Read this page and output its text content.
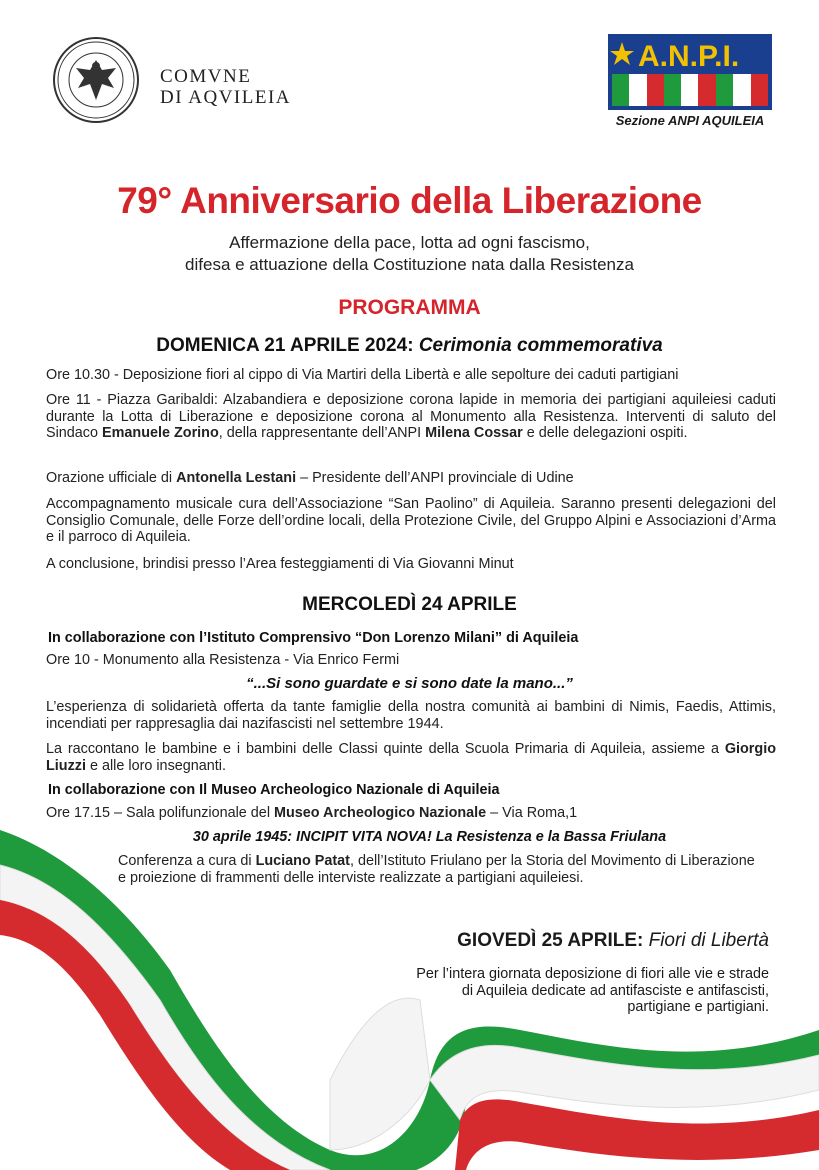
COMVNE
DI AQVILEIA
A.N.P.I.
Sezione ANPI AQUILEIA
79° Anniversario della Liberazione
Affermazione della pace, lotta ad ogni fascismo,
difesa e attuazione della Costituzione nata dalla Resistenza
PROGRAMMA
DOMENICA 21 APRILE 2024: Cerimonia commemorativa
Ore 10.30 - Deposizione fiori al cippo di Via Martiri della Libertà e alle sepolture dei caduti partigiani
Ore 11 - Piazza Garibaldi: Alzabandiera e deposizione corona lapide in memoria dei partigiani aquileiesi caduti durante la Lotta di Liberazione e deposizione corona al Monumento alla Resistenza. Interventi di saluto del Sindaco Emanuele Zorino, della rappresentante dell’ANPI Milena Cossar e delle delegazioni ospiti.
Orazione ufficiale di Antonella Lestani – Presidente dell’ANPI provinciale di Udine
Accompagnamento musicale cura dell’Associazione “San Paolino” di Aquileia. Saranno presenti delegazioni del Consiglio Comunale, delle Forze dell’ordine locali, della Protezione Civile, del Gruppo Alpini e Associazioni d’Arma e il parroco di Aquileia.
A conclusione, brindisi presso l’Area festeggiamenti di Via Giovanni Minut
MERCOLEDÌ 24 APRILE
In collaborazione con l’Istituto Comprensivo “Don Lorenzo Milani” di Aquileia
Ore 10 - Monumento alla Resistenza - Via Enrico Fermi
“...Si sono guardate e si sono date la mano...”
L’esperienza di solidarietà offerta da tante famiglie della nostra comunità ai bambini di Nimis, Faedis, Attimis, incendiati per rappresaglia dai nazifascisti nel settembre 1944.
La raccontano le bambine e i bambini delle Classi quinte della Scuola Primaria di Aquileia, assieme a Giorgio Liuzzi e alle loro insegnanti.
In collaborazione con Il Museo Archeologico Nazionale di Aquileia
Ore 17.15 – Sala polifunzionale del Museo Archeologico Nazionale – Via Roma,1
30 aprile 1945: INCIPIT VITA NOVA! La Resistenza e la Bassa Friulana
Conferenza a cura di Luciano Patat, dell’Istituto Friulano per la Storia del Movimento di Liberazione e proiezione di frammenti delle interviste realizzate a partigiani aquileiesi.
GIOVEDÌ 25 APRILE: Fiori di Libertà
Per l’intera giornata deposizione di fiori alle vie e strade di Aquileia dedicate ad antifasciste e antifascisti, partigiane e partigiani.
